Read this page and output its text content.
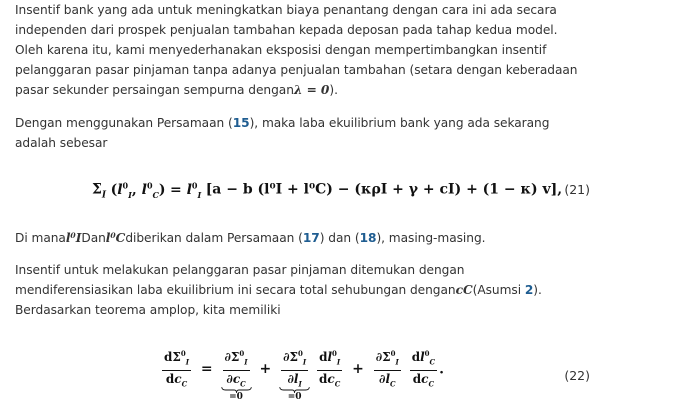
Insentif bank yang ada untuk meningkatkan biaya penantang dengan cara ini ada secara
independen dari prospek penjualan tambahan kepada deposan pada tahap kedua model.
Oleh karena itu, kami menyederhanakan eksposisi dengan mempertimbangkan insentif
pelanggaran pasar pinjaman tanpa adanya penjualan tambahan (setara dengan keberadaan
pasar sekunder persaingan sempurna denganλ = 0).
Dengan menggunakan Persamaan (15), maka laba ekuilibrium bank yang ada sekarang
adalah sebesar
$\Sigma_I$ ($l^0_I$, $l^0_C) = l^0_I$ [a − b (l⁰I + l⁰C) − (κρI + γ + cI) + (1 − κ) v], (21)
Di manal⁰IDanl⁰Cdiberikan dalam Persamaan (17) dan (18), masing-masing.
Insentif untuk melakukan pelanggaran pasar pinjaman ditemukan dengan
mendiferensiasikan laba ekuilibrium ini secara total sehubungan dengancC(Asumsi 2).
Berdasarkan teorema amplop, kita memiliki
$\frac{d\Sigma^0_I}{dc_C} = \frac{\partial\Sigma^0_I}{\partial c_C}$
=0
+ $\frac{\partial\Sigma^0_I}{\partial l_I}$
=0

$\frac{dl^0_I}{dc_C} + \frac{\partial\Sigma^0_I}{\partial l_C}$
$\frac{dl^0_C}{dc_C}$ .	(22)
